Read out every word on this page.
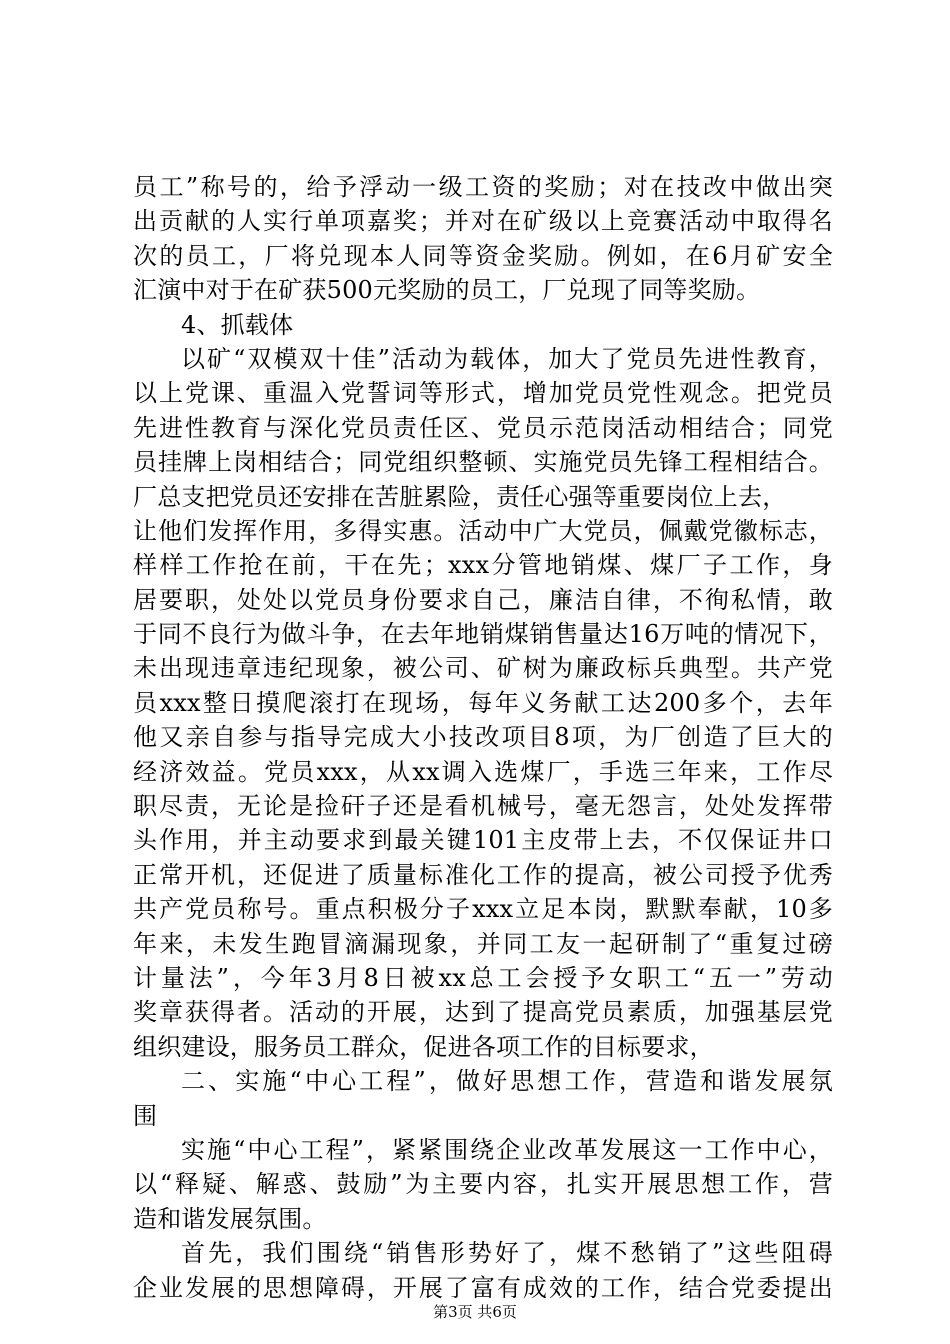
员工”称号的，给予浮动一级工资的奖励；对在技改中做出突
出贡献的人实行单项嘉奖；并对在矿级以上竞赛活动中取得名
次的员工，厂将兑现本人同等资金奖励。例如，在6月矿安全
汇演中对于在矿获500元奖励的员工，厂兑现了同等奖励。
4、抓载体
以矿“双模双十佳”活动为载体，加大了党员先进性教育，
以上党课、重温入党誓词等形式，增加党员党性观念。把党员
先进性教育与深化党员责任区、党员示范岗活动相结合；同党
员挂牌上岗相结合；同党组织整顿、实施党员先锋工程相结合。
厂总支把党员还安排在苦脏累险，责任心强等重要岗位上去，
让他们发挥作用，多得实惠。活动中广大党员，佩戴党徽标志，
样样工作抢在前，干在先；xxx分管地销煤、煤厂子工作，身
居要职，处处以党员身份要求自己，廉洁自律，不徇私情，敢
于同不良行为做斗争，在去年地销煤销售量达16万吨的情况下，
未出现违章违纪现象，被公司、矿树为廉政标兵典型。共产党
员xxx整日摸爬滚打在现场，每年义务献工达200多个，去年
他又亲自参与指导完成大小技改项目8项，为厂创造了巨大的
经济效益。党员xxx，从xx调入选煤厂，手选三年来，工作尽
职尽责，无论是捡矸子还是看机械号，毫无怨言，处处发挥带
头作用，并主动要求到最关键101主皮带上去，不仅保证井口
正常开机，还促进了质量标准化工作的提高，被公司授予优秀
共产党员称号。重点积极分子xxx立足本岗，默默奉献，10多
年来，未发生跑冒滴漏现象，并同工友一起研制了“重复过磅
计量法”，今年3月8日被xx总工会授予女职工“五一”劳动
奖章获得者。活动的开展，达到了提高党员素质，加强基层党
组织建设，服务员工群众，促进各项工作的目标要求，
二、实施“中心工程”，做好思想工作，营造和谐发展氛
围
实施“中心工程”，紧紧围绕企业改革发展这一工作中心，
以“释疑、解惑、鼓励”为主要内容，扎实开展思想工作，营
造和谐发展氛围。
首先，我们围绕“销售形势好了，煤不愁销了”这些阻碍
企业发展的思想障碍，开展了富有成效的工作，结合党委提出
第3页 共6页
